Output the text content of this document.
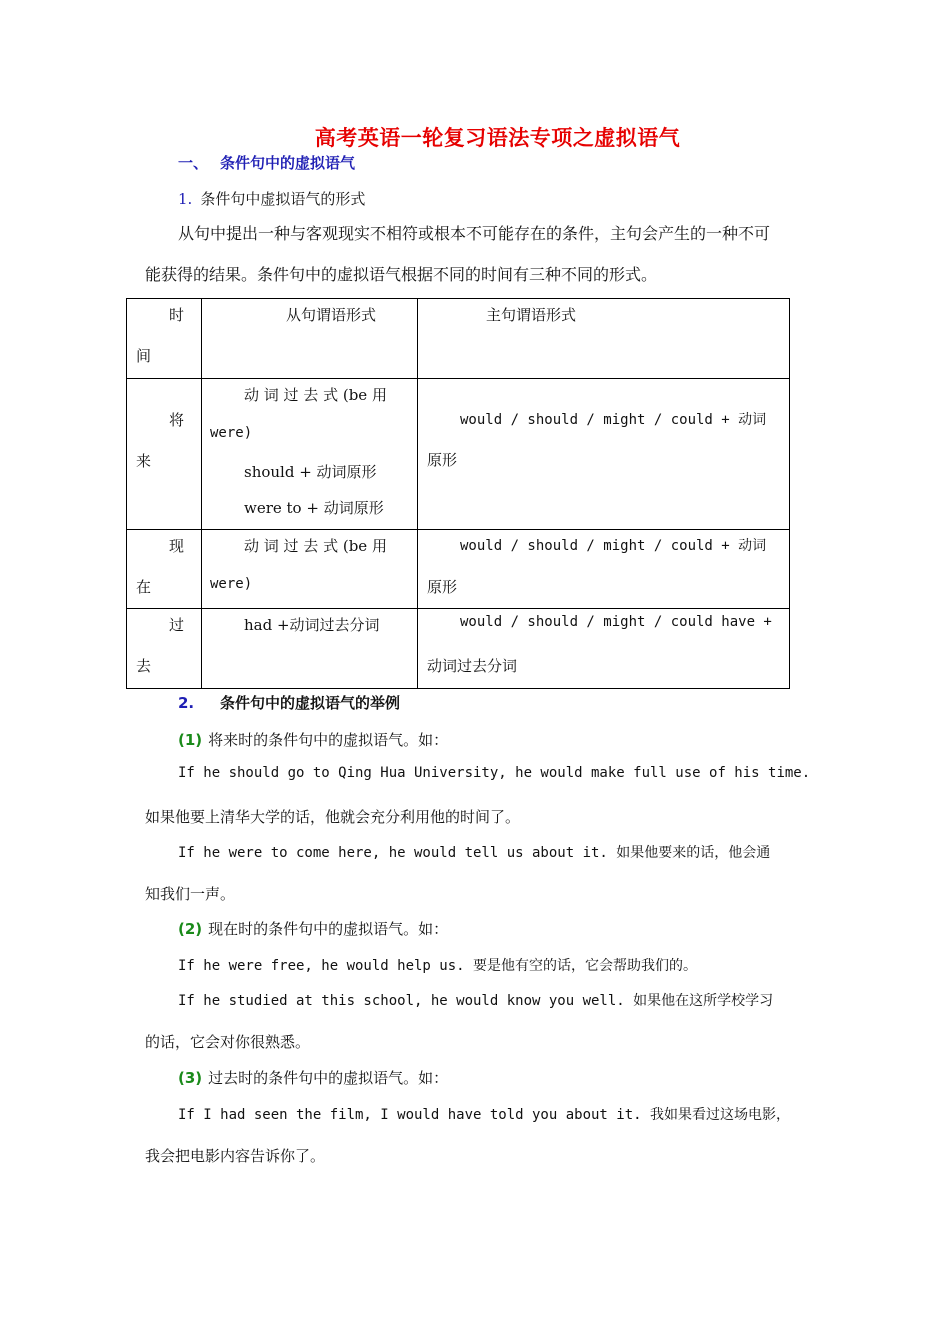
高考英语一轮复习语法专项之虚拟语气
一、 条件句中的虚拟语气
1. 条件句中虚拟语气的形式
从句中提出一种与客观现实不相符或根本不可能存在的条件，主句会产生的一种不可
能获得的结果。条件句中的虚拟语气根据不同的时间有三种不同的形式。
时
间	从句谓语形式	主句谓语形式

将
来	动 词 过 去 式 (be 用
were)
should + 动词原形
were to + 动词原形	would / should / might / could + 动词
原形

现
在	动 词 过 去 式 (be 用
were)	would / should / might / could + 动词
原形

过
去	had +动词过去分词	would / should / might / could have +
动词过去分词
2. 条件句中的虚拟语气的举例
(1) 将来时的条件句中的虚拟语气。如：
If he should go to Qing Hua University, he would make full use of his time.
如果他要上清华大学的话，他就会充分利用他的时间了。
If he were to come here, he would tell us about it. 如果他要来的话，他会通
知我们一声。
(2) 现在时的条件句中的虚拟语气。如：
If he were free, he would help us. 要是他有空的话，它会帮助我们的。
If he studied at this school, he would know you well. 如果他在这所学校学习
的话，它会对你很熟悉。
(3) 过去时的条件句中的虚拟语气。如：
If I had seen the film, I would have told you about it. 我如果看过这场电影，
我会把电影内容告诉你了。
